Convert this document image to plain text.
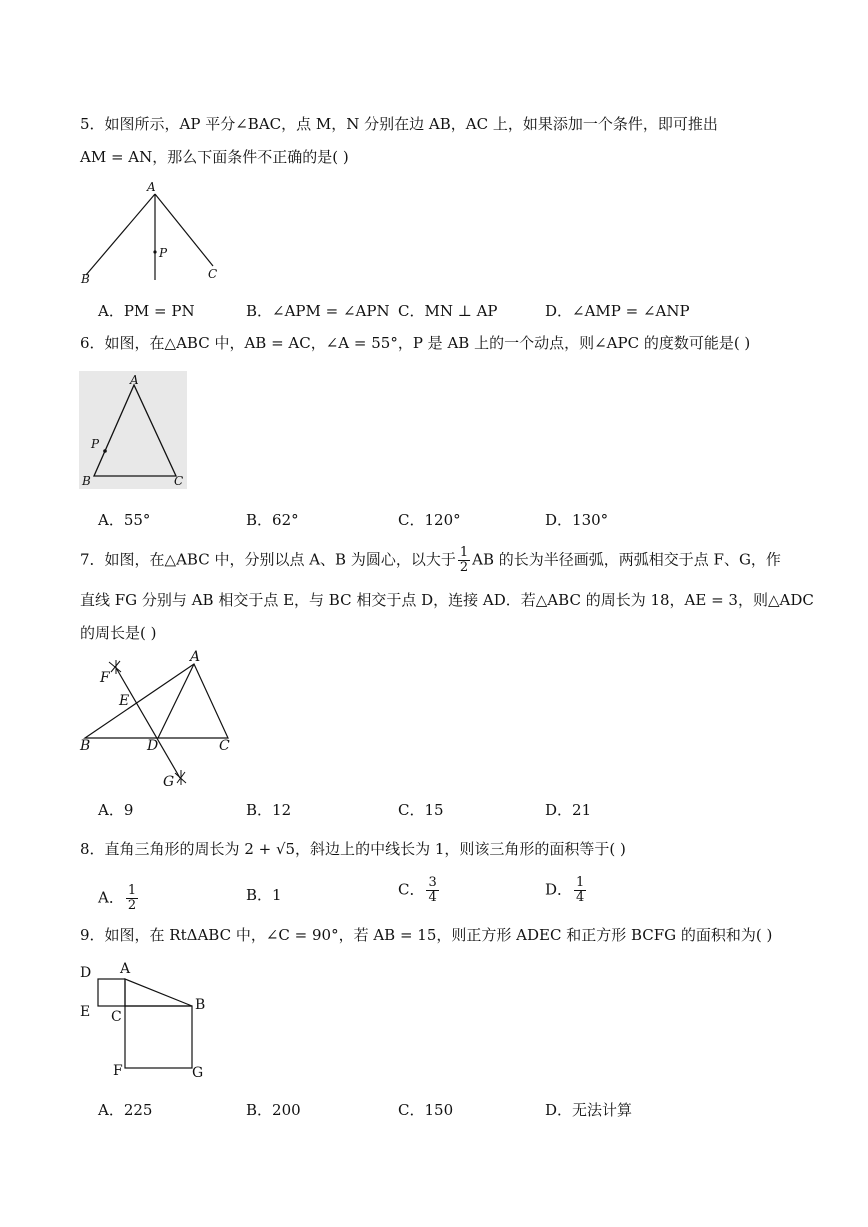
5．如图所示，AP 平分∠BAC，点 M，N 分别在边 AB，AC 上，如果添加一个条件，即可推出
AM = AN，那么下面条件不正确的是( )
A
B	C
P
A．PM = PN	B．∠APM = ∠APN C．MN ⊥ AP	D．∠AMP = ∠ANP
6．如图，在△ABC 中，AB = AC，∠A = 55°，P 是 AB 上的一个动点，则∠APC 的度数可能是( )
A
B	C
P
A．55°	B．62°	C．120°	D．130°
7．如图，在△ABC 中，分别以点 A、B 为圆心，以大于 $\frac{1}{2}$ AB 的长为半径画弧，两弧相交于点 F、G，作
直线 FG 分别与 AB 相交于点 E，与 BC 相交于点 D，连接 AD．若△ABC 的周长为 18，AE = 3，则△ADC
的周长是( )
A
B	C
D
E
F
G
A．9	B．12	C．15	D．21
8．直角三角形的周长为 2 + √5，斜边上的中线长为 1，则该三角形的面积等于( )
A． $\frac{1}{2}$	B．1	C． $\frac{3}{4}$	D． $\frac{1}{4}$
9．如图，在 RtΔABC 中，∠C = 90°，若 AB = 15，则正方形 ADEC 和正方形 BCFG 的面积和为( )
D A
B
E C
F	G
A．225	B．200	C．150	D．无法计算
